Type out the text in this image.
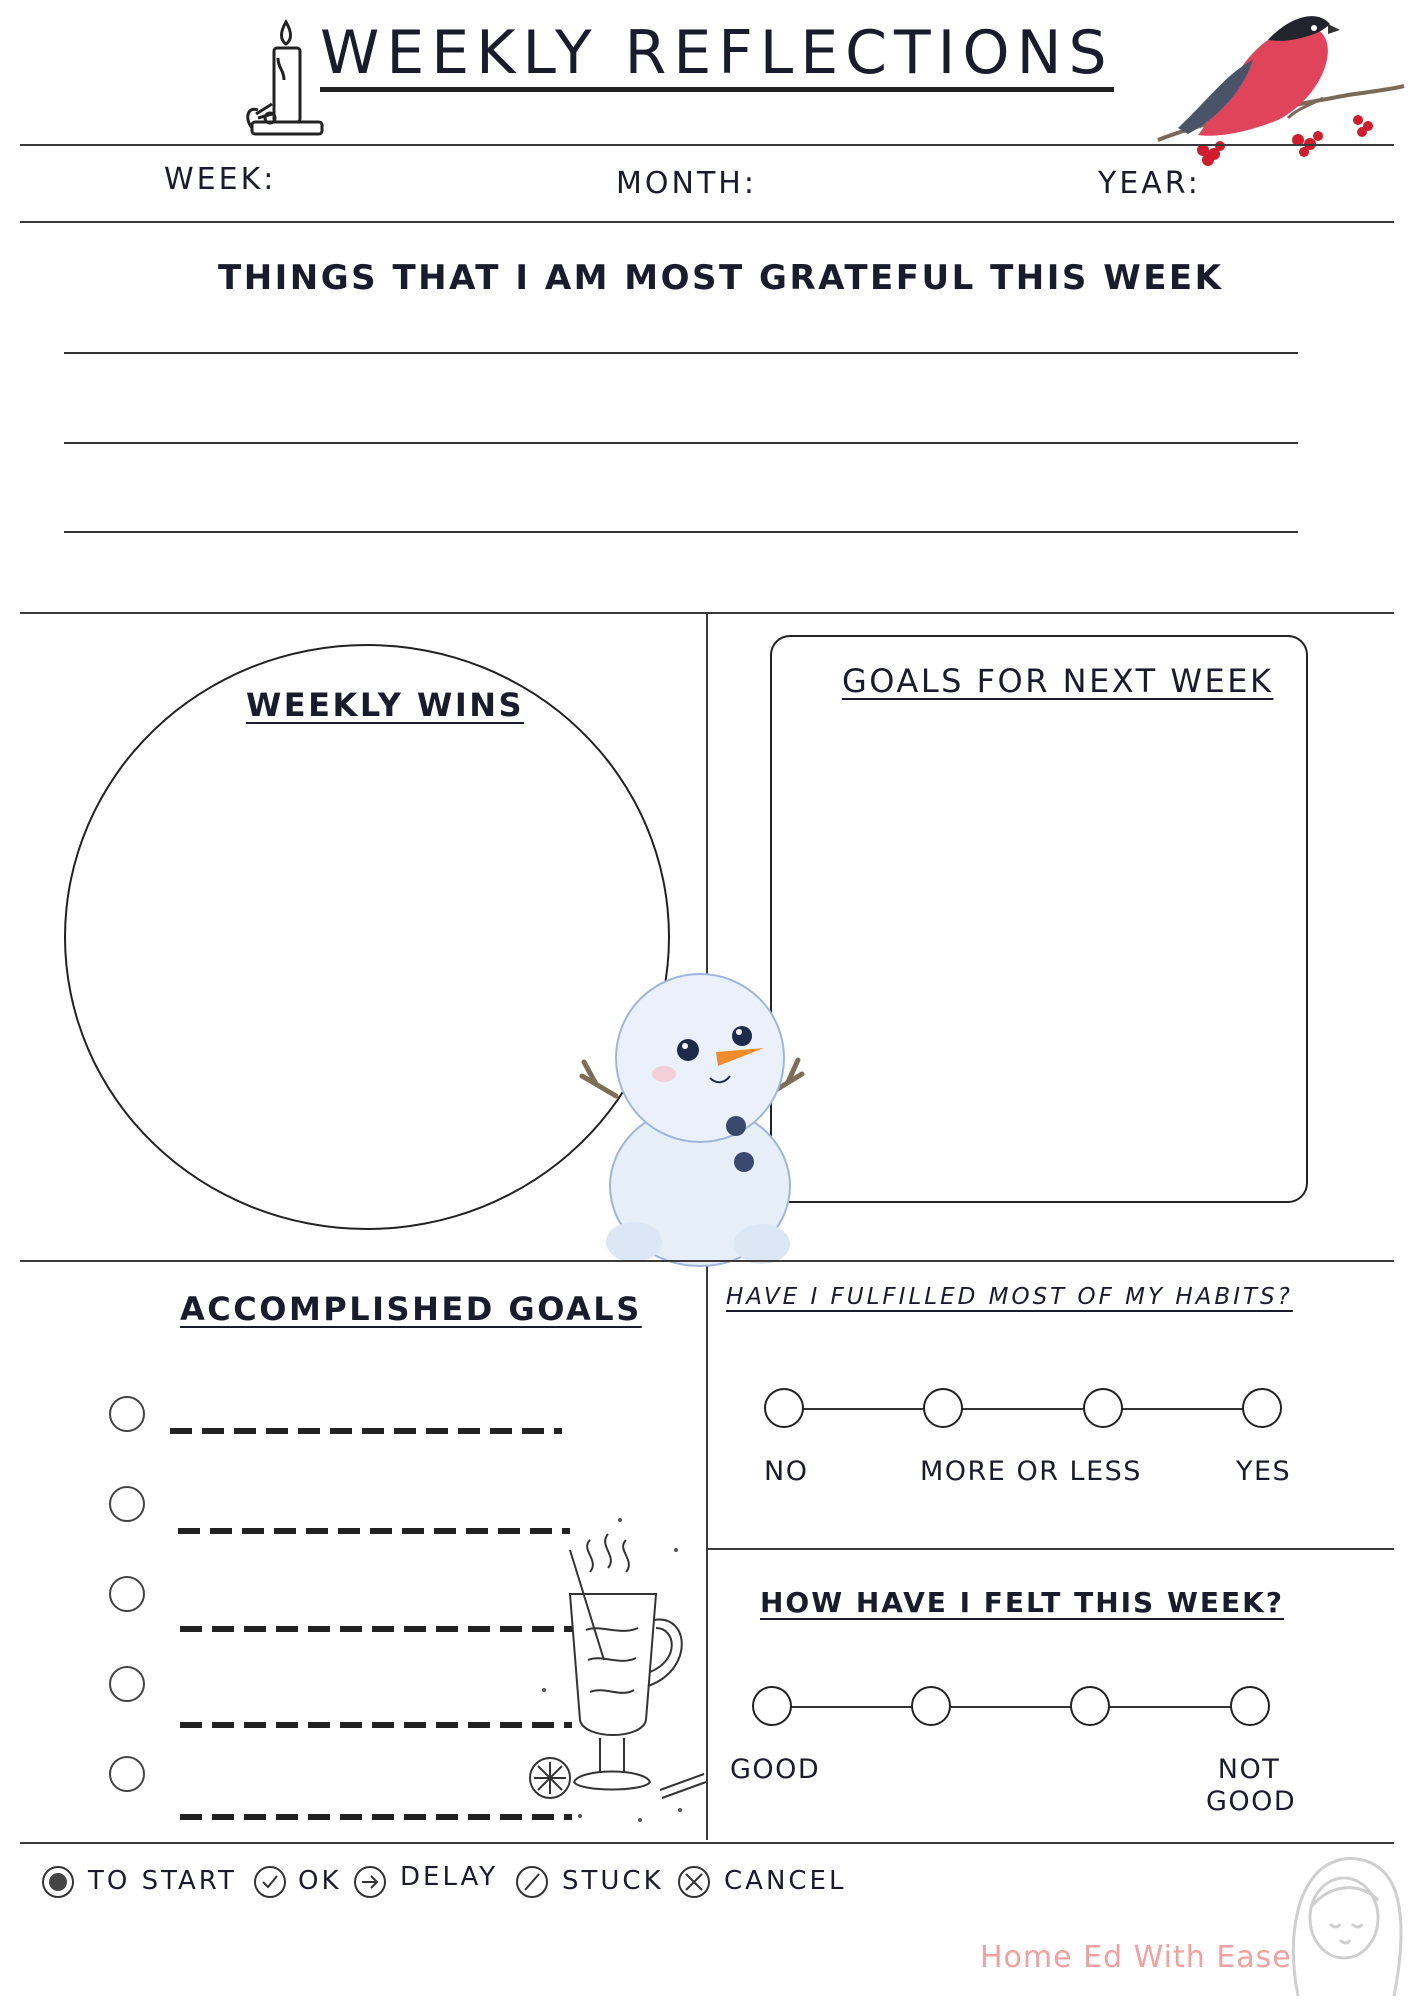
WEEKLY REFLECTIONS
WEEK:	MONTH:	YEAR:
THINGS THAT I AM MOST GRATEFUL THIS WEEK
WEEKLY WINS
GOALS FOR NEXT WEEK
ACCOMPLISHED GOALS	HAVE I FULFILLED MOST OF MY HABITS?
NO	MORE OR LESS	YES
HOW HAVE I FELT THIS WEEK?
GOOD	NOT GOOD
TO START OK DELAY STUCK CANCEL
Home Ed With Ease
